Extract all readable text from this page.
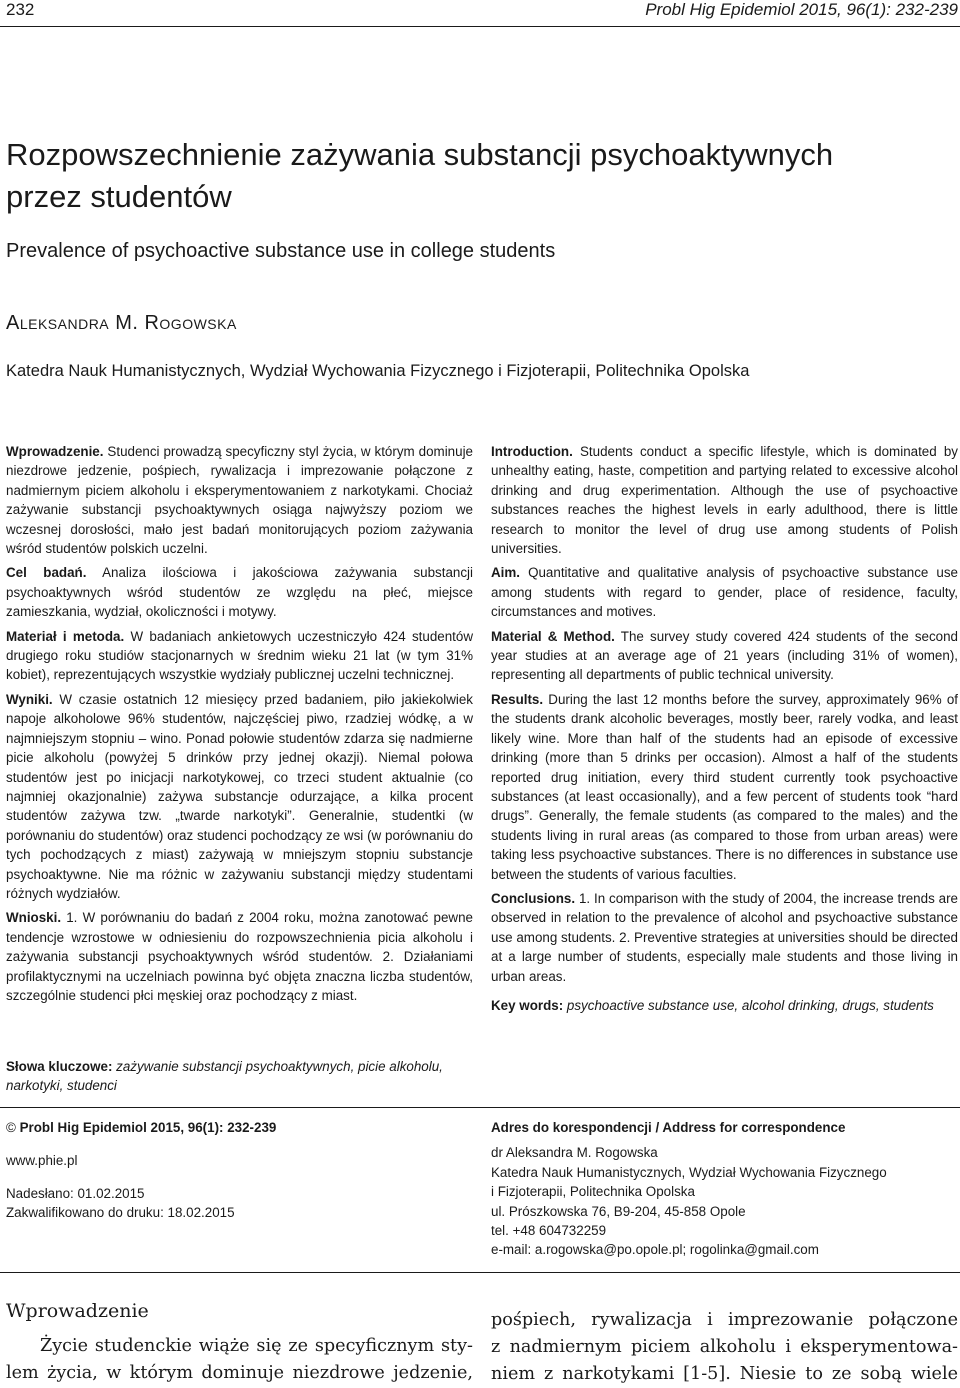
232	Probl Hig Epidemiol 2015, 96(1): 232-239
Rozpowszechnienie zażywania substancji psychoaktywnych
przez studentów
Prevalence of psychoactive substance use in college students
Aleksandra M. Rogowska
Katedra Nauk Humanistycznych, Wydział Wychowania Fizycznego i Fizjoterapii, Politechnika Opolska

Wprowadzenie. Studenci prowadzą specyficzny styl życia, w którym dominuje niezdrowe jedzenie, pośpiech, rywalizacja i imprezowanie połączone z nadmiernym piciem alkoholu i eksperymentowaniem z narkotykami. Chociaż zażywanie substancji psychoaktywnych osiąga najwyższy poziom we wczesnej dorosłości, mało jest badań monitorujących poziom zażywania wśród studentów polskich uczelni.

Cel badań. Analiza ilościowa i jakościowa zażywania substancji psychoaktywnych wśród studentów ze względu na płeć, miejsce zamieszkania, wydział, okoliczności i motywy.

Materiał i metoda. W badaniach ankietowych uczestniczyło 424 studentów drugiego roku studiów stacjonarnych w średnim wieku 21 lat (w tym 31% kobiet), reprezentujących wszystkie wydziały publicznej uczelni technicznej.

Wyniki. W czasie ostatnich 12 miesięcy przed badaniem, piło jakiekolwiek napoje alkoholowe 96% studentów, najczęściej piwo, rzadziej wódkę, a w najmniejszym stopniu – wino. Ponad połowie studentów zdarza się nadmierne picie alkoholu (powyżej 5 drinków przy jednej okazji). Niemal połowa studentów jest po inicjacji narkotykowej, co trzeci student aktualnie (co najmniej okazjonalnie) zażywa substancje odurzające, a kilka procent studentów zażywa tzw. „twarde narkotyki”. Generalnie, studentki (w porównaniu do studentów) oraz studenci pochodzący ze wsi (w porównaniu do tych pochodzących z miast) zażywają w mniejszym stopniu substancje psychoaktywne. Nie ma różnic w zażywaniu substancji między studentami różnych wydziałów.

Wnioski. 1. W porównaniu do badań z 2004 roku, można zanotować pewne tendencje wzrostowe w odniesieniu do rozpowszechnienia picia alkoholu i zażywania substancji psychoaktywnych wśród studentów. 2. Działaniami profilaktycznymi na uczelniach powinna być objęta znaczna liczba studentów, szczególnie studenci płci męskiej oraz pochodzący z miast.

Słowa kluczowe: zażywanie substancji psychoaktywnych, picie alkoholu, narkotyki, studenci

Introduction. Students conduct a specific lifestyle, which is dominated by unhealthy eating, haste, competition and partying related to excessive alcohol drinking and drug experimentation. Although the use of psychoactive substances reaches the highest levels in early adulthood, there is little research to monitor the level of drug use among students of Polish universities.

Aim. Quantitative and qualitative analysis of psychoactive substance use among students with regard to gender, place of residence, faculty, circumstances and motives.

Material & Method. The survey study covered 424 students of the second year studies at an average age of 21 years (including 31% of women), representing all departments of public technical university.

Results. During the last 12 months before the survey, approximately 96% of the students drank alcoholic beverages, mostly beer, rarely vodka, and least likely wine. More than half of the students had an episode of excessive drinking (more than 5 drinks per occasion). Almost a half of the students reported drug initiation, every third student currently took psychoactive substances (at least occasionally), and a few percent of students took “hard drugs”. Generally, the female students (as compared to the males) and the students living in rural areas (as compared to those from urban areas) were taking less psychoactive substances. There is no differences in substance use between the students of various faculties.

Conclusions. 1. In comparison with the study of 2004, the increase trends are observed in relation to the prevalence of alcohol and psychoactive substance use among students. 2. Preventive strategies at universities should be directed at a large number of students, especially male students and those living in urban areas.

Key words: psychoactive substance use, alcohol drinking, drugs, students
© Probl Hig Epidemiol 2015, 96(1): 232-239
www.phie.pl
Nadesłano: 01.02.2015
Zakwalifikowano do druku: 18.02.2015
Adres do korespondencji / Address for correspondence
dr Aleksandra M. Rogowska
Katedra Nauk Humanistycznych, Wydział Wychowania Fizycznego
i Fizjoterapii, Politechnika Opolska
ul. Prószkowska 76, B9-204, 45-858 Opole
tel. +48 604732259
e-mail: a.rogowska@po.opole.pl; rogolinka@gmail.com
Wprowadzenie
Życie studenckie wiąże się ze specyficznym sty-
lem życia, w którym dominuje niezdrowe jedzenie,
pośpiech, rywalizacja i imprezowanie połączone
z nadmiernym piciem alkoholu i eksperymentowa-
niem z narkotykami [1-5]. Niesie to ze sobą wiele
